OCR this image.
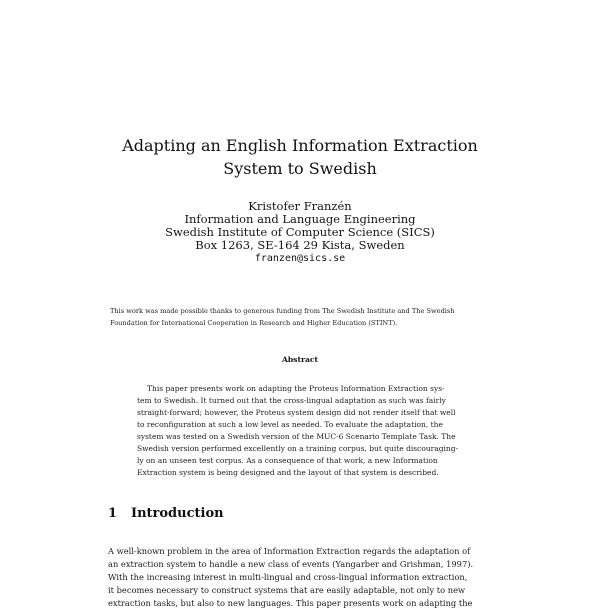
Adapting an English Information Extraction
System to Swedish
Kristofer Franzén
Information and Language Engineering
Swedish Institute of Computer Science (SICS)
Box 1263, SE-164 29 Kista, Sweden
franzen@sics.se
This work was made possible thanks to generous funding from The Swedish Institute and The Swedish
Foundation for International Cooperation in Research and Higher Education (STINT).
Abstract
This paper presents work on adapting the Proteus Information Extraction sys-
tem to Swedish. It turned out that the cross-lingual adaptation as such was fairly
straight-forward; however, the Proteus system design did not render itself that well
to reconfiguration at such a low level as needed. To evaluate the adaptation, the
system was tested on a Swedish version of the MUC-6 Scenario Template Task. The
Swedish version performed excellently on a training corpus, but quite discouraging-
ly on an unseen test corpus. As a consequence of that work, a new Information
Extraction system is being designed and the layout of that system is described.
1 Introduction
A well-known problem in the area of Information Extraction regards the adaptation of
an extraction system to handle a new class of events (Yangarber and Grishman, 1997).
With the increasing interest in multi-lingual and cross-lingual information extraction,
it becomes necessary to construct systems that are easily adaptable, not only to new
extraction tasks, but also to new languages. This paper presents work on adapting the
